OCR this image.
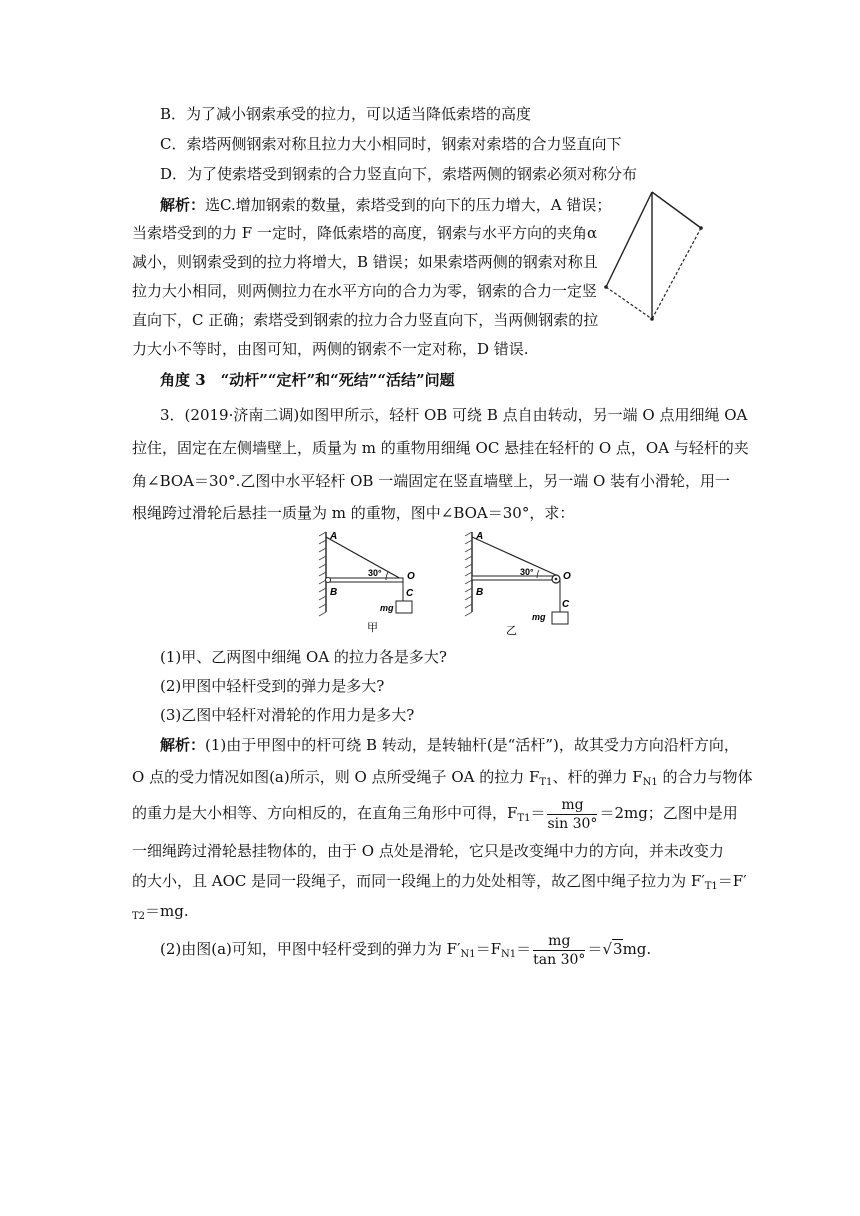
B．为了减小钢索承受的拉力，可以适当降低索塔的高度
C．索塔两侧钢索对称且拉力大小相同时，钢索对索塔的合力竖直向下
D．为了使索塔受到钢索的合力竖直向下，索塔两侧的钢索必须对称分布
解析：选C.增加钢索的数量，索塔受到的向下的压力增大，A 错误；
当索塔受到的力 F 一定时，降低索塔的高度，钢索与水平方向的夹角α
减小，则钢索受到的拉力将增大，B 错误；如果索塔两侧的钢索对称且
拉力大小相同，则两侧拉力在水平方向的合力为零，钢索的合力一定竖
直向下，C 正确；索塔受到钢索的拉力合力竖直向下，当两侧钢索的拉
力大小不等时，由图可知，两侧的钢索不一定对称，D 错误.
角度 3　“动杆”“定杆”和“死结”“活结”问题
3．(2019·济南二调)如图甲所示，轻杆 OB 可绕 B 点自由转动，另一端 O 点用细绳 OA
拉住，固定在左侧墙壁上，质量为 m 的重物用细绳 OC 悬挂在轻杆的 O 点，OA 与轻杆的夹
角∠BOA＝30°.乙图中水平轻杆 OB 一端固定在竖直墙壁上，另一端 O 装有小滑轮，用一
根绳跨过滑轮后悬挂一质量为 m 的重物，图中∠BOA＝30°，求：
A
B
O
C
30°
mg
甲
A
B
O
C
30°
mg
乙
(1)甲、乙两图中细绳 OA 的拉力各是多大?
(2)甲图中轻杆受到的弹力是多大?
(3)乙图中轻杆对滑轮的作用力是多大?
解析：(1)由于甲图中的杆可绕 B 转动，是转轴杆(是“活杆”)，故其受力方向沿杆方向，
O 点的受力情况如图(a)所示，则 O 点所受绳子 OA 的拉力 $F_{T1}$、杆的弹力 $F_{N1}$ 的合力与物体
的重力是大小相等、方向相反的，在直角三角形中可得，$F_{T1}= \frac{mg}{\sin 30^\circ} =2mg$；乙图中是用
一细绳跨过滑轮悬挂物体的，由于 O 点处是滑轮，它只是改变绳中力的方向，并未改变力
的大小，且 AOC 是同一段绳子，而同一段绳上的力处处相等，故乙图中绳子拉力为 $F'_{T1}=F'$
$_{T2}$＝mg.
(2)由图(a)可知，甲图中轻杆受到的弹力为 $F'_{N1}=F_{N1}= \frac{mg}{\tan 30^\circ} =√3mg$.
